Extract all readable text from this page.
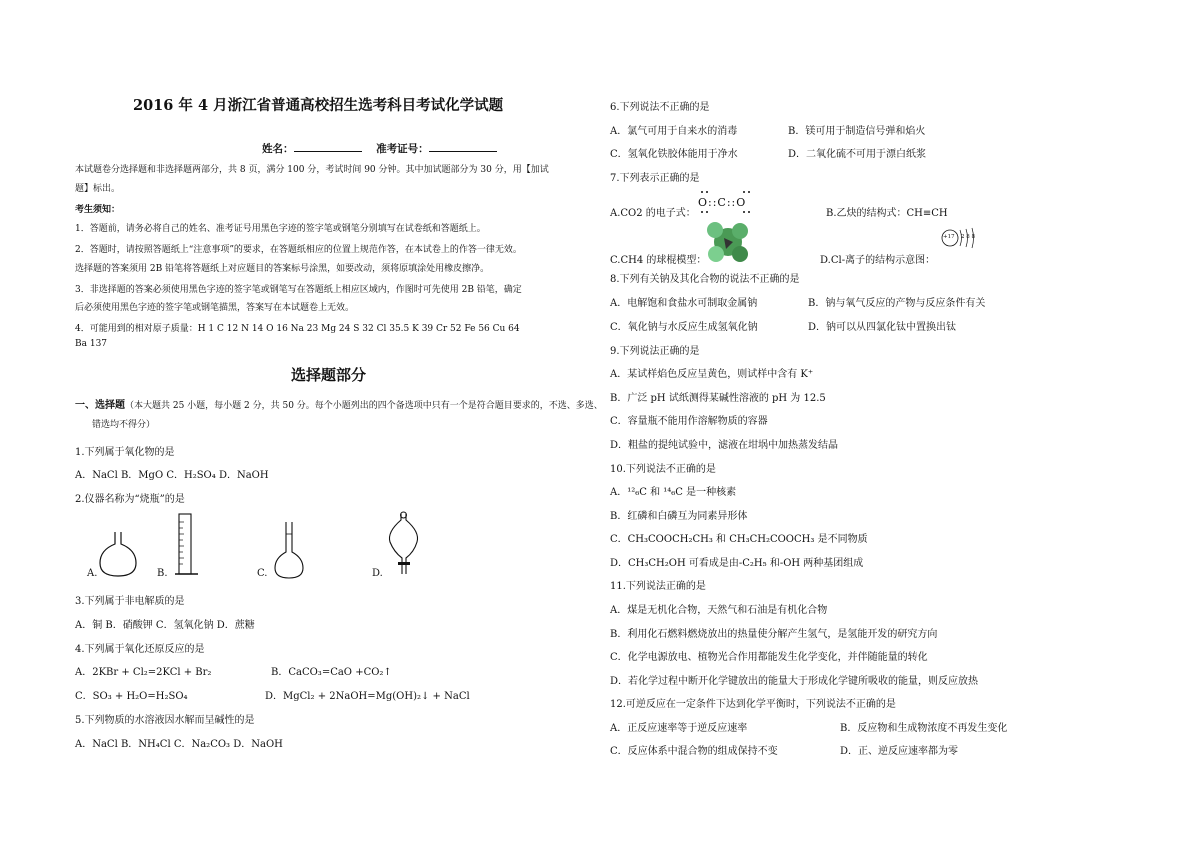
2016 年 4 月浙江省普通高校招生选考科目考试化学试题
姓名：	准考证号：
本试题卷分选择题和非选择题两部分，共 8 页，满分 100 分，考试时间 90 分钟。其中加试题部分为 30 分，用【加试
题】标出。
考生须知：
1．答题前，请务必将自己的姓名、准考证号用黑色字迹的签字笔或钢笔分别填写在试卷纸和答题纸上。
2．答题时，请按照答题纸上“注意事项”的要求，在答题纸相应的位置上规范作答，在本试卷上的作答一律无效。
选择题的答案须用 2B 铅笔将答题纸上对应题目的答案标号涂黑，如要改动，须将原填涂处用橡皮擦净。
3．非选择题的答案必须使用黑色字迹的签字笔或钢笔写在答题纸上相应区域内，作图时可先使用 2B 铅笔，确定
后必须使用黑色字迹的签字笔或钢笔描黑，答案写在本试题卷上无效。
4．可能用到的相对原子质量：H 1 C 12 N 14 O 16 Na 23 Mg 24 S 32 Cl 35.5 K 39 Cr 52 Fe 56 Cu 64
Ba 137
选择题部分
一、选择题（本大题共 25 小题，每小题 2 分，共 50 分。每个小题列出的四个备选项中只有一个是符合题目要求的，不选、多选、
错选均不得分）
1.下列属于氧化物的是
A．NaCl B．MgO C．H₂SO₄ D．NaOH
2.仪器名称为“烧瓶”的是
A.	B.	C.	D.
3.下列属于非电解质的是
A．铜 B．硝酸钾 C．氢氧化钠 D．蔗糖
4.下列属于氧化还原反应的是
A．2KBr + Cl₂=2KCl + Br₂	B．CaCO₃=CaO +CO₂↑
C．SO₃ + H₂O=H₂SO₄	D．MgCl₂ + 2NaOH=Mg(OH)₂↓ + NaCl
5.下列物质的水溶液因水解而呈碱性的是
A．NaCl B．NH₄Cl C．Na₂CO₃ D．NaOH
6.下列说法不正确的是
A．氯气可用于自来水的消毒	B．镁可用于制造信号弹和焰火
C．氢氧化铁胶体能用于净水	D．二氧化硫不可用于漂白纸浆
7.下列表示正确的是
A.CO2 的电子式：
O::C::O
B.乙炔的结构式：CH≡CH
C.CH4 的球棍模型：	D.Cl-离子的结构示意图：
+17 2 8 8
8.下列有关钠及其化合物的说法不正确的是
A．电解饱和食盐水可制取金属钠	B．钠与氧气反应的产物与反应条件有关
C．氧化钠与水反应生成氢氧化钠	D．钠可以从四氯化钛中置换出钛
9.下列说法正确的是
A．某试样焰色反应呈黄色，则试样中含有 K⁺
B．广泛 pH 试纸测得某碱性溶液的 pH 为 12.5
C．容量瓶不能用作溶解物质的容器
D．粗盐的提纯试验中，滤液在坩埚中加热蒸发结晶
10.下列说法不正确的是
A．¹²₆C 和 ¹⁴₆C 是一种核素
B．红磷和白磷互为同素异形体
C．CH₃COOCH₂CH₃ 和 CH₃CH₂COOCH₃ 是不同物质
D．CH₃CH₂OH 可看成是由-C₂H₅ 和-OH 两种基团组成
11.下列说法正确的是
A．煤是无机化合物，天然气和石油是有机化合物
B．利用化石燃料燃烧放出的热量使分解产生氢气，是氢能开发的研究方向
C．化学电源放电、植物光合作用都能发生化学变化，并伴随能量的转化
D．若化学过程中断开化学键放出的能量大于形成化学键所吸收的能量，则反应放热
12.可逆反应在一定条件下达到化学平衡时，下列说法不正确的是
A．正反应速率等于逆反应速率	B．反应物和生成物浓度不再发生变化
C．反应体系中混合物的组成保持不变	D．正、逆反应速率都为零
